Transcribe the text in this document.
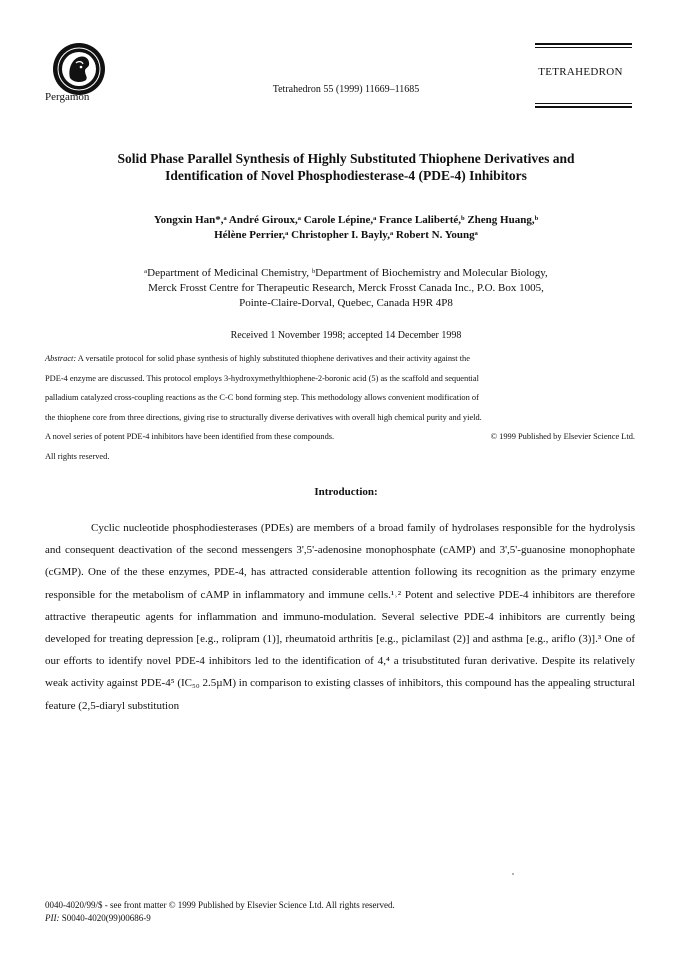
Pergamon
Tetrahedron 55 (1999) 11669–11685
TETRAHEDRON
Solid Phase Parallel Synthesis of Highly Substituted Thiophene Derivatives and
Identification of Novel Phosphodiesterase-4 (PDE-4) Inhibitors
Yongxin Han*,ᵃ André Giroux,ᵃ Carole Lépine,ᵃ France Laliberté,ᵇ Zheng Huang,ᵇ
Hélène Perrier,ᵃ Christopher I. Bayly,ᵃ Robert N. Youngᵃ
ᵃDepartment of Medicinal Chemistry, ᵇDepartment of Biochemistry and Molecular Biology,
Merck Frosst Centre for Therapeutic Research, Merck Frosst Canada Inc., P.O. Box 1005,
Pointe-Claire-Dorval, Quebec, Canada H9R 4P8
Received 1 November 1998; accepted 14 December 1998
Abstract: A versatile protocol for solid phase synthesis of highly substituted thiophene derivatives and their activity against the
PDE-4 enzyme are discussed. This protocol employs 3-hydroxymethylthiophene-2-boronic acid (5) as the scaffold and sequential
palladium catalyzed cross-coupling reactions as the C-C bond forming step. This methodology allows convenient modification of
the thiophene core from three directions, giving rise to structurally diverse derivatives with overall high chemical purity and yield.
A novel series of potent PDE-4 inhibitors have been identified from these compounds.	© 1999 Published by Elsevier Science Ltd.
All rights reserved.
Introduction:

Cyclic nucleotide phosphodiesterases (PDEs) are members of a broad family of hydrolases responsible for the hydrolysis and consequent deactivation of the second messengers 3',5'-adenosine monophosphate (cAMP) and 3',5'-guanosine monophophate (cGMP). One of the these enzymes, PDE-4, has attracted considerable attention following its recognition as the primary enzyme responsible for the metabolism of cAMP in inflammatory and immune cells.¹˒² Potent and selective PDE-4 inhibitors are therefore attractive therapeutic agents for inflammation and immuno-modulation. Several selective PDE-4 inhibitors are currently being developed for treating depression [e.g., rolipram (1)], rheumatoid arthritis [e.g., piclamilast (2)] and asthma [e.g., ariflo (3)].³ One of our efforts to identify novel PDE-4 inhibitors led to the identification of 4,⁴ a trisubstituted furan derivative. Despite its relatively weak activity against PDE-4⁵ (IC₅₀ 2.5µM) in comparison to existing classes of inhibitors, this compound has the appealing structural feature (2,5-diaryl substitution

0040-4020/99/$ - see front matter © 1999 Published by Elsevier Science Ltd. All rights reserved.
PII: S0040-4020(99)00686-9
